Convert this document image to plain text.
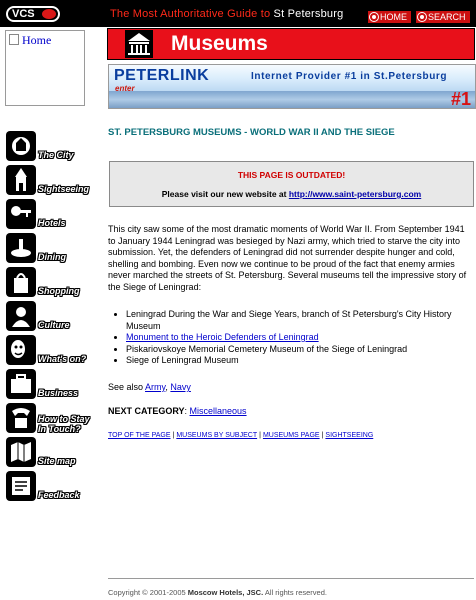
VCS	The Most Authoritative Guide to St Petersburg	HOME	SEARCH
Home	Museums
PETERLINK
enter
Internet Provider #1 in St.Petersburg
#1
The City
Sightseeing
Hotels
Dining
Shopping
Culture
What's on?
Business
How to Stay
In Touch?
Site map
Feedback
ST. PETERSBURG MUSEUMS - WORLD WAR II AND THE SIEGE
THIS PAGE IS OUTDATED!
Please visit our new website at http://www.saint-petersburg.com

This city saw some of the most dramatic moments of World War II. From September 1941 to January 1944 Leningrad was besieged by Nazi army, which tried to starve the city into submission. Yet, the defenders of Leningrad did not surrender despite hunger and cold, shelling and bombing. Even now we continue to be proud of the fact that enemy armies never marched the streets of St. Petersburg. Several museums tell the impressive story of the Siege of Leningrad:

• Leningrad During the War and Siege Years, branch of St Petersburg's City History Museum
• Monument to the Heroic Defenders of Leningrad
• Piskariovskoye Memorial Cemetery Museum of the Siege of Leningrad
• Siege of Leningrad Museum
See also Army, Navy
NEXT CATEGORY: Miscellaneous
TOP OF THE PAGE | MUSEUMS BY SUBJECT | MUSEUMS PAGE | SIGHTSEEING
Copyright © 2001-2005 Moscow Hotels, JSC. All rights reserved.
